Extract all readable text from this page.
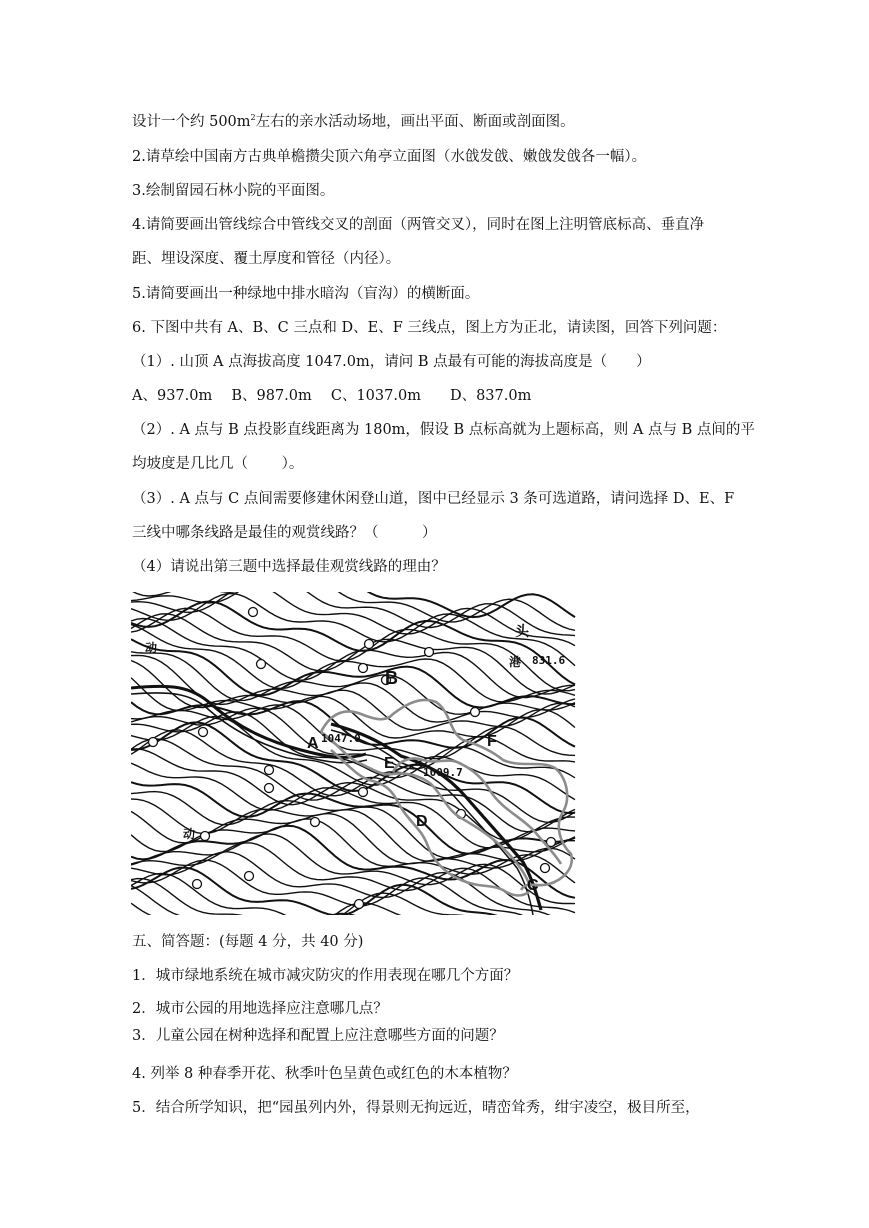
设计一个约 $500m^2$左右的亲水活动场地，画出平面、断面或剖面图。
2.请草绘中国南方古典单檐攒尖顶六角亭立面图（水戗发戗、嫩戗发戗各一幅）。
3.绘制留园石林小院的平面图。
4.请简要画出管线综合中管线交叉的剖面（两管交叉），同时在图上注明管底标高、垂直净
距、埋设深度、覆土厚度和管径（内径）。
5.请简要画出一种绿地中排水暗沟（盲沟）的横断面。
6. 下图中共有 A、B、C 三点和 D、E、F 三线点，图上方为正北，请读图，回答下列问题：
（1）. 山顶 A 点海拔高度 1047.0m，请问 B 点最有可能的海拔高度是（　　）
A、937.0m　 B、987.0m　 C、1037.0m　　D、837.0m
（2）. A 点与 B 点投影直线距离为 180m，假设 B 点标高就为上题标高，则 A 点与 B 点间的平
均坡度是几比几（　　 ）。
（3）. A 点与 C 点间需要修建休闲登山道，图中已经显示 3 条可选道路，请问选择 D、E、F
三线中哪条线路是最佳的观赏线路？（　　　）
（4）请说出第三题中选择最佳观赏线路的理由？
A
B
C
D
E
F
1047.0
1009.7
831.6
头
动
动
港
五、简答题：(每题 4 分，共 40 分)
1．城市绿地系统在城市减灾防灾的作用表现在哪几个方面？
2．城市公园的用地选择应注意哪几点？
3．儿童公园在树种选择和配置上应注意哪些方面的问题？
4. 列举 8 种春季开花、秋季叶色呈黄色或红色的木本植物？
5．结合所学知识，把“园虽列内外，得景则无拘远近，晴峦耸秀，绀宇凌空，极目所至，
